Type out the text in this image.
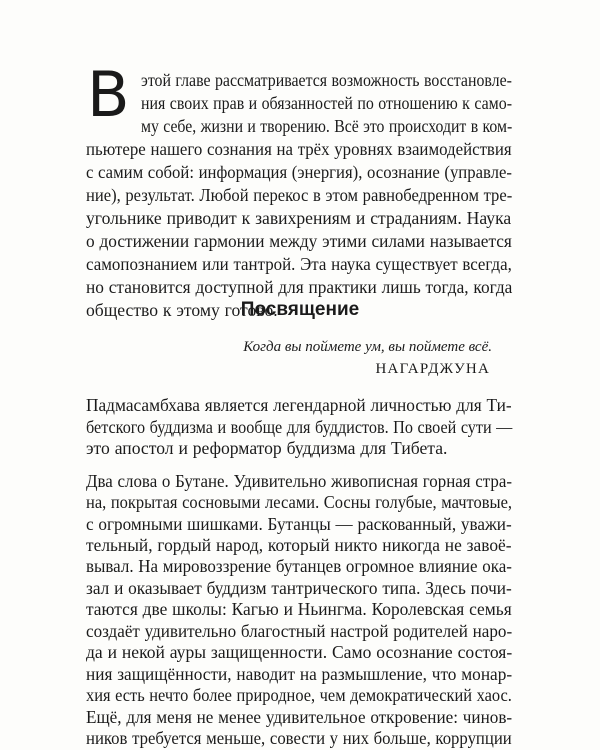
В этой главе рассматривается возможность восстановле-
ния своих прав и обязанностей по отношению к само-
му себе, жизни и творению. Всё это происходит в ком-
пьютере нашего сознания на трёх уровнях взаимодействия
с самим собой: информация (энергия), осознание (управле-
ние), результат. Любой перекос в этом равнобедренном тре-
угольнике приводит к завихрениям и страданиям. Наука
о достижении гармонии между этими силами называется
самопознанием или тантрой. Эта наука существует всегда,
но становится доступной для практики лишь тогда, когда
общество к этому готово.
Посвящение
Когда вы поймете ум, вы поймете всё.
НАГАРДЖУНА
Падмасамбхава является легендарной личностью для Ти-
бетского буддизма и вообще для буддистов. По своей сути —
это апостол и реформатор буддизма для Тибета.
Два слова о Бутане. Удивительно живописная горная стра-
на, покрытая сосновыми лесами. Сосны голубые, мачтовые,
с огромными шишками. Бутанцы — раскованный, уважи-
тельный, гордый народ, который никто никогда не завоё-
вывал. На мировоззрение бутанцев огромное влияние ока-
зал и оказывает буддизм тантрического типа. Здесь почи-
таются две школы: Кагью и Ньингма. Королевская семья
создаёт удивительно благостный настрой родителей наро-
да и некой ауры защищенности. Само осознание состоя-
ния защищённости, наводит на размышление, что монар-
хия есть нечто более природное, чем демократический хаос.
Ещё, для меня не менее удивительное откровение: чинов-
ников требуется меньше, совести у них больше, коррупции
